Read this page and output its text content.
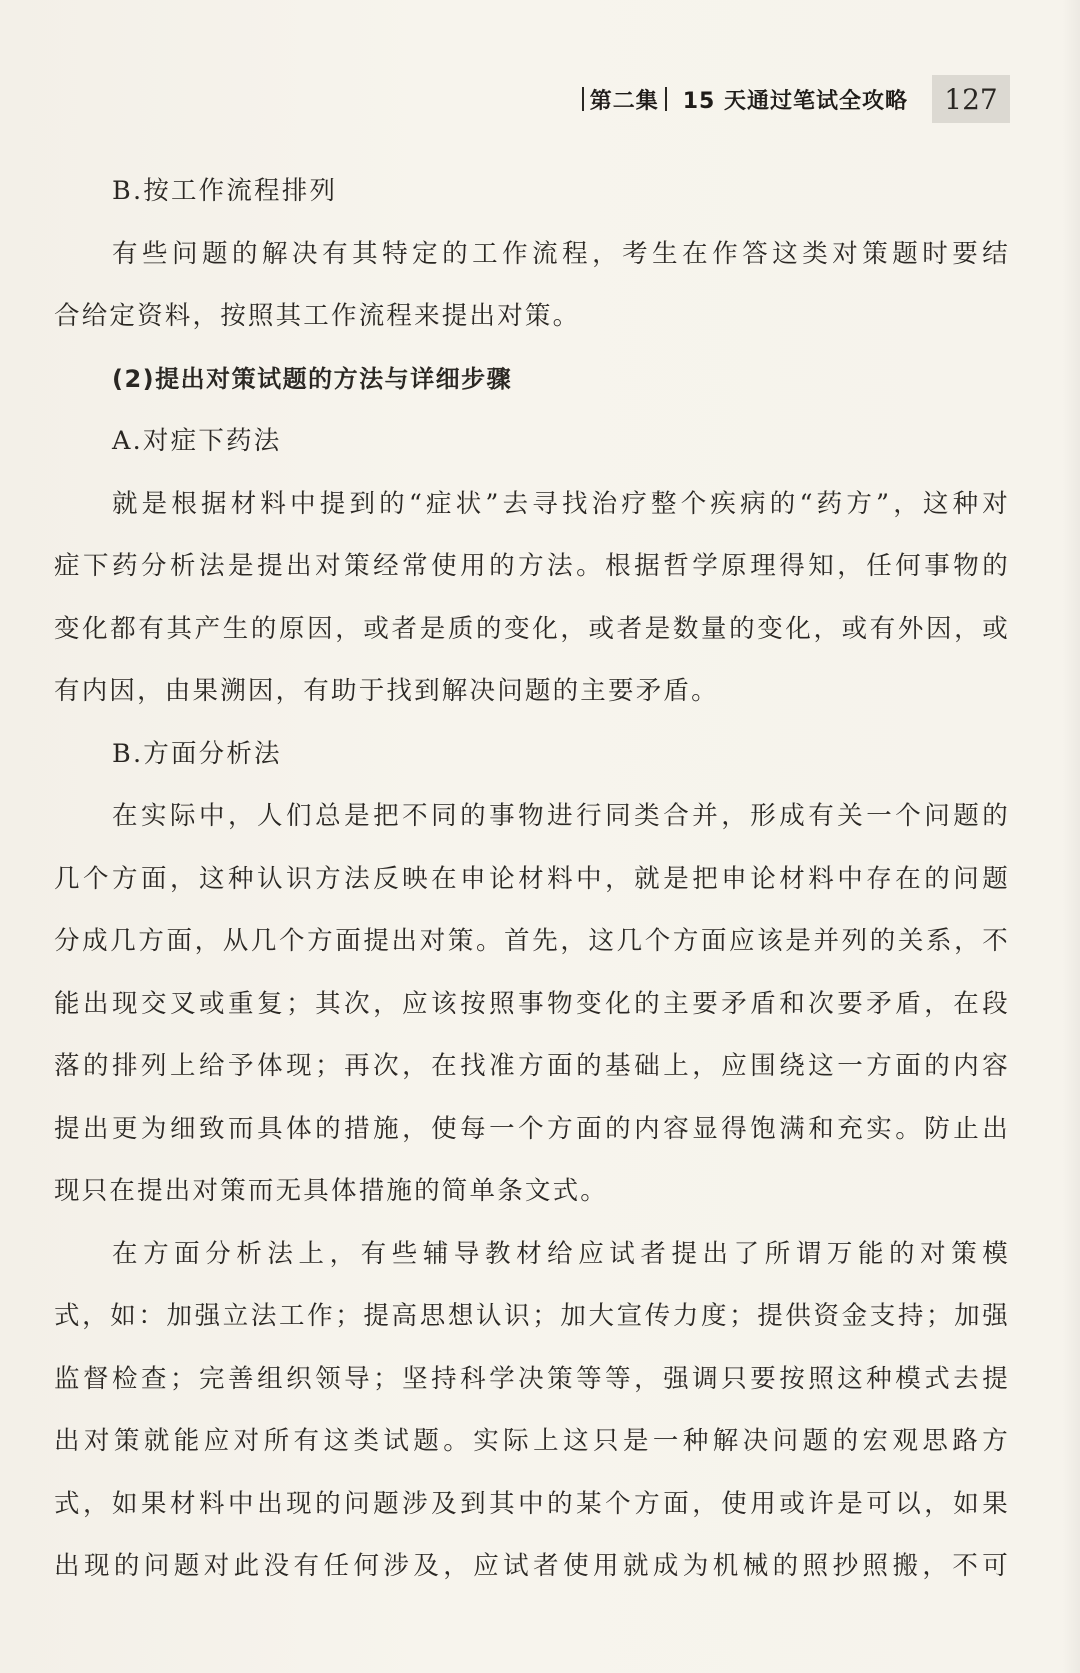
第二集 15 天通过笔试全攻略	127
B.按工作流程排列
有些问题的解决有其特定的工作流程，考生在作答这类对策题时要结
合给定资料，按照其工作流程来提出对策。
(2)提出对策试题的方法与详细步骤
A.对症下药法
就是根据材料中提到的“症状”去寻找治疗整个疾病的“药方”，这种对
症下药分析法是提出对策经常使用的方法。根据哲学原理得知，任何事物的
变化都有其产生的原因，或者是质的变化，或者是数量的变化，或有外因，或
有内因，由果溯因，有助于找到解决问题的主要矛盾。
B.方面分析法
在实际中，人们总是把不同的事物进行同类合并，形成有关一个问题的
几个方面，这种认识方法反映在申论材料中，就是把申论材料中存在的问题
分成几方面，从几个方面提出对策。首先，这几个方面应该是并列的关系，不
能出现交叉或重复；其次，应该按照事物变化的主要矛盾和次要矛盾，在段
落的排列上给予体现；再次，在找准方面的基础上，应围绕这一方面的内容
提出更为细致而具体的措施，使每一个方面的内容显得饱满和充实。防止出
现只在提出对策而无具体措施的简单条文式。
在方面分析法上，有些辅导教材给应试者提出了所谓万能的对策模
式，如：加强立法工作；提高思想认识；加大宣传力度；提供资金支持；加强
监督检查；完善组织领导；坚持科学决策等等，强调只要按照这种模式去提
出对策就能应对所有这类试题。实际上这只是一种解决问题的宏观思路方
式，如果材料中出现的问题涉及到其中的某个方面，使用或许是可以，如果
出现的问题对此没有任何涉及，应试者使用就成为机械的照抄照搬，不可
